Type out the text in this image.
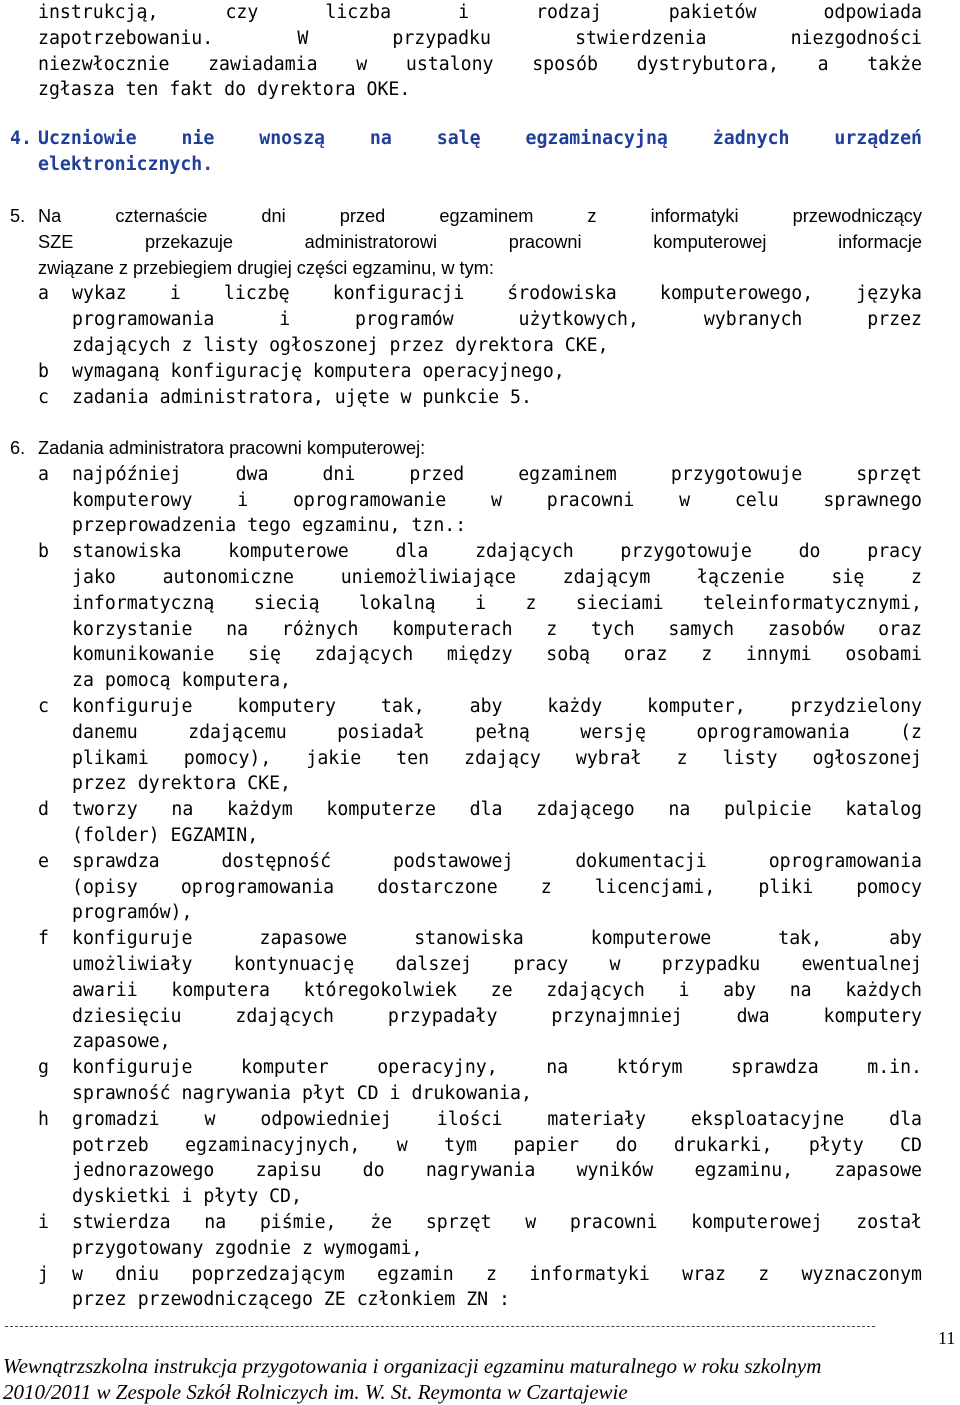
instrukcją, czy liczba i rodzaj pakietów odpowiada
zapotrzebowaniu. W przypadku stwierdzenia niezgodności
niezwłocznie zawiadamia w ustalony sposób dystrybutora, a także
zgłasza ten fakt do dyrektora OKE.
4. Uczniowie nie wnoszą na salę egzaminacyjną żadnych urządzeń
elektronicznych.
5. Na czternaście dni przed egzaminem z informatyki przewodniczący
SZE przekazuje administratorowi pracowni komputerowej informacje
związane z przebiegiem drugiej części egzaminu, w tym:
a wykaz i liczbę konfiguracji środowiska komputerowego, języka
programowania i programów użytkowych, wybranych przez
zdających z listy ogłoszonej przez dyrektora CKE,
b wymaganą konfigurację komputera operacyjnego,
c zadania administratora, ujęte w punkcie 5.
6. Zadania administratora pracowni komputerowej:
a najpóźniej dwa dni przed egzaminem przygotowuje sprzęt
komputerowy i oprogramowanie w pracowni w celu sprawnego
przeprowadzenia tego egzaminu, tzn.:
b stanowiska komputerowe dla zdających przygotowuje do pracy
jako autonomiczne uniemożliwiające zdającym łączenie się z
informatyczną siecią lokalną i z sieciami teleinformatycznymi,
korzystanie na różnych komputerach z tych samych zasobów oraz
komunikowanie się zdających między sobą oraz z innymi osobami
za pomocą komputera,
c konfiguruje komputery tak, aby każdy komputer, przydzielony
danemu zdającemu posiadał pełną wersję oprogramowania (z
plikami pomocy), jakie ten zdający wybrał z listy ogłoszonej
przez dyrektora CKE,
d tworzy na każdym komputerze dla zdającego na pulpicie katalog
(folder) EGZAMIN,
e sprawdza dostępność podstawowej dokumentacji oprogramowania
(opisy oprogramowania dostarczone z licencjami, pliki pomocy
programów),
f konfiguruje zapasowe stanowiska komputerowe tak, aby
umożliwiały kontynuację dalszej pracy w przypadku ewentualnej
awarii komputera któregokolwiek ze zdających i aby na każdych
dziesięciu zdających przypadały przynajmniej dwa komputery
zapasowe,
g konfiguruje komputer operacyjny, na którym sprawdza m.in.
sprawność nagrywania płyt CD i drukowania,
h gromadzi w odpowiedniej ilości materiały eksploatacyjne dla
potrzeb egzaminacyjnych, w tym papier do drukarki, płyty CD
jednorazowego zapisu do nagrywania wyników egzaminu, zapasowe
dyskietki i płyty CD,
i stwierdza na piśmie, że sprzęt w pracowni komputerowej został
przygotowany zgodnie z wymogami,
j w dniu poprzedzającym egzamin z informatyki wraz z wyznaczonym
przez przewodniczącego ZE członkiem ZN :
Wewnątrzszkolna instrukcja przygotowania i organizacji egzaminu maturalnego w roku szkolnym
2010/2011 w Zespole Szkół Rolniczych im. W. St. Reymonta w Czartajewie
11
